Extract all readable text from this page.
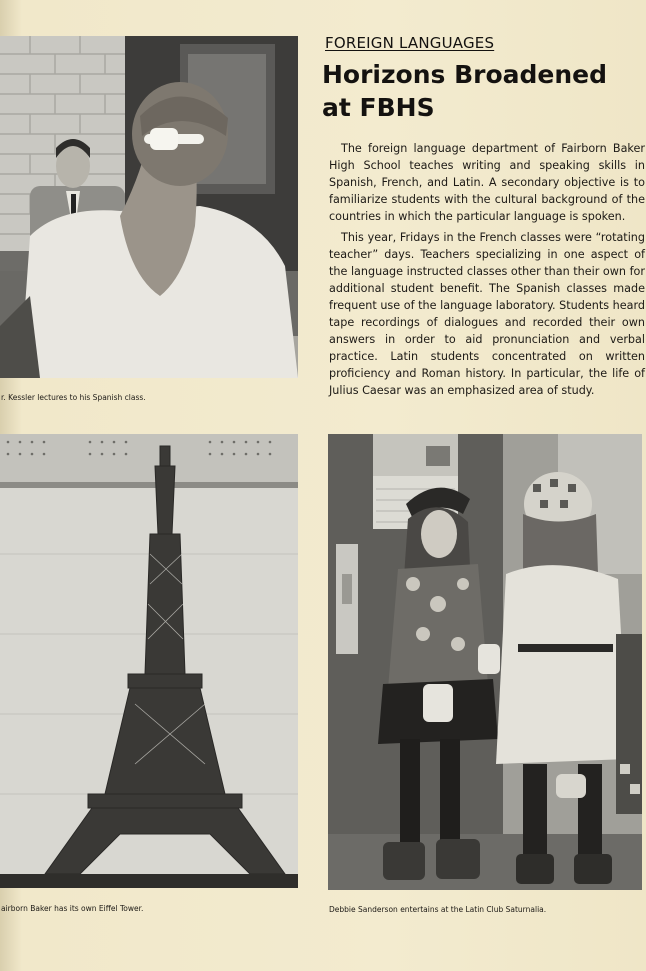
r. Kessler lectures to his Spanish class.
FOREIGN LANGUAGES
Horizons Broadened
at FBHS

The foreign language department of Fairborn Baker High School teaches writing and speaking skills in Spanish, French, and Latin. A secondary objective is to familiarize students with the cultural background of the countries in which the particular language is spoken.

This year, Fridays in the French classes were “rotating teacher” days. Teachers specializing in one aspect of the language instructed classes other than their own for additional student benefit. The Spanish classes made frequent use of the language laboratory. Students heard tape recordings of dialogues and recorded their own answers in order to aid pronunciation and verbal practice. Latin students concentrated on written proficiency and Roman history. In particular, the life of Julius Caesar was an emphasized area of study.

airborn Baker has its own Eiffel Tower.	Debbie Sanderson entertains at the Latin Club Saturnalia.
